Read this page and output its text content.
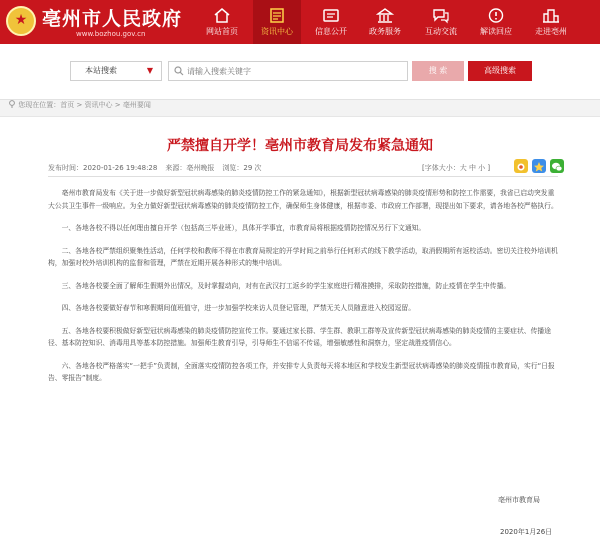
★ 亳州市人民政府
www.bozhou.gov.cn	网站首页	资讯中心	信息公开	政务服务	互动交流	解读回应	走进亳州
本站搜索	▼
请输入搜索关键字	搜 索	高级搜索
您现在位置：首页 > 资讯中心 > 亳州要闻
严禁擅自开学！亳州市教育局发布紧急通知
发布时间：2020-01-26 19:48:28 来源：亳州晚报 浏览：29 次	[字体大小：大 中 小 ]

亳州市教育局发布《关于进一步做好新型冠状病毒感染的肺炎疫情防控工作的紧急通知》，根据新型冠状病毒感染的肺炎疫情形势和防控工作需要，我省已启动突发重大公共卫生事件一级响应。为全力做好新型冠状病毒感染的肺炎疫情防控工作，确保师生身体健康，根据市委、市政府工作部署，现提出如下要求，请各地各校严格执行。

一、各地各校不得以任何理由擅自开学（包括高三毕业班），具体开学事宜，市教育局将根据疫情防控情况另行下文通知。

二、各地各校严禁组织聚集性活动，任何学校和教师不得在市教育局规定的开学时间之前举行任何形式的线下教学活动，取消假期所有返校活动。密切关注校外培训机构，加强对校外培训机构的监督和管理，严禁在近期开展各种形式的集中培训。

三、各地各校要全面了解师生假期外出情况，及时掌握动向，对有在武汉打工返乡的学生家庭进行精准摸排，采取防控措施，防止疫情在学生中传播。

四、各地各校要做好春节和寒假期间值班值守，进一步加强学校来访人员登记管理，严禁无关人员随意进入校园逗留。

五、各地各校要积极做好新型冠状病毒感染的肺炎疫情防控宣传工作。要通过家长群、学生群、教职工群等及宣传新型冠状病毒感染的肺炎疫情的主要症状、传播途径、基本防控知识、消毒用具等基本防控措施。加强师生教育引导，引导师生不信谣不传谣，增强敏感性和洞察力，坚定战胜疫情信心。

六、各地各校严格落实“一把手”负责制，全面落实疫情防控各项工作，并安排专人负责每天将本地区和学校发生新型冠状病毒感染的肺炎疫情报市教育局，实行“日报告、零报告”制度。

亳州市教育局
2020年1月26日
